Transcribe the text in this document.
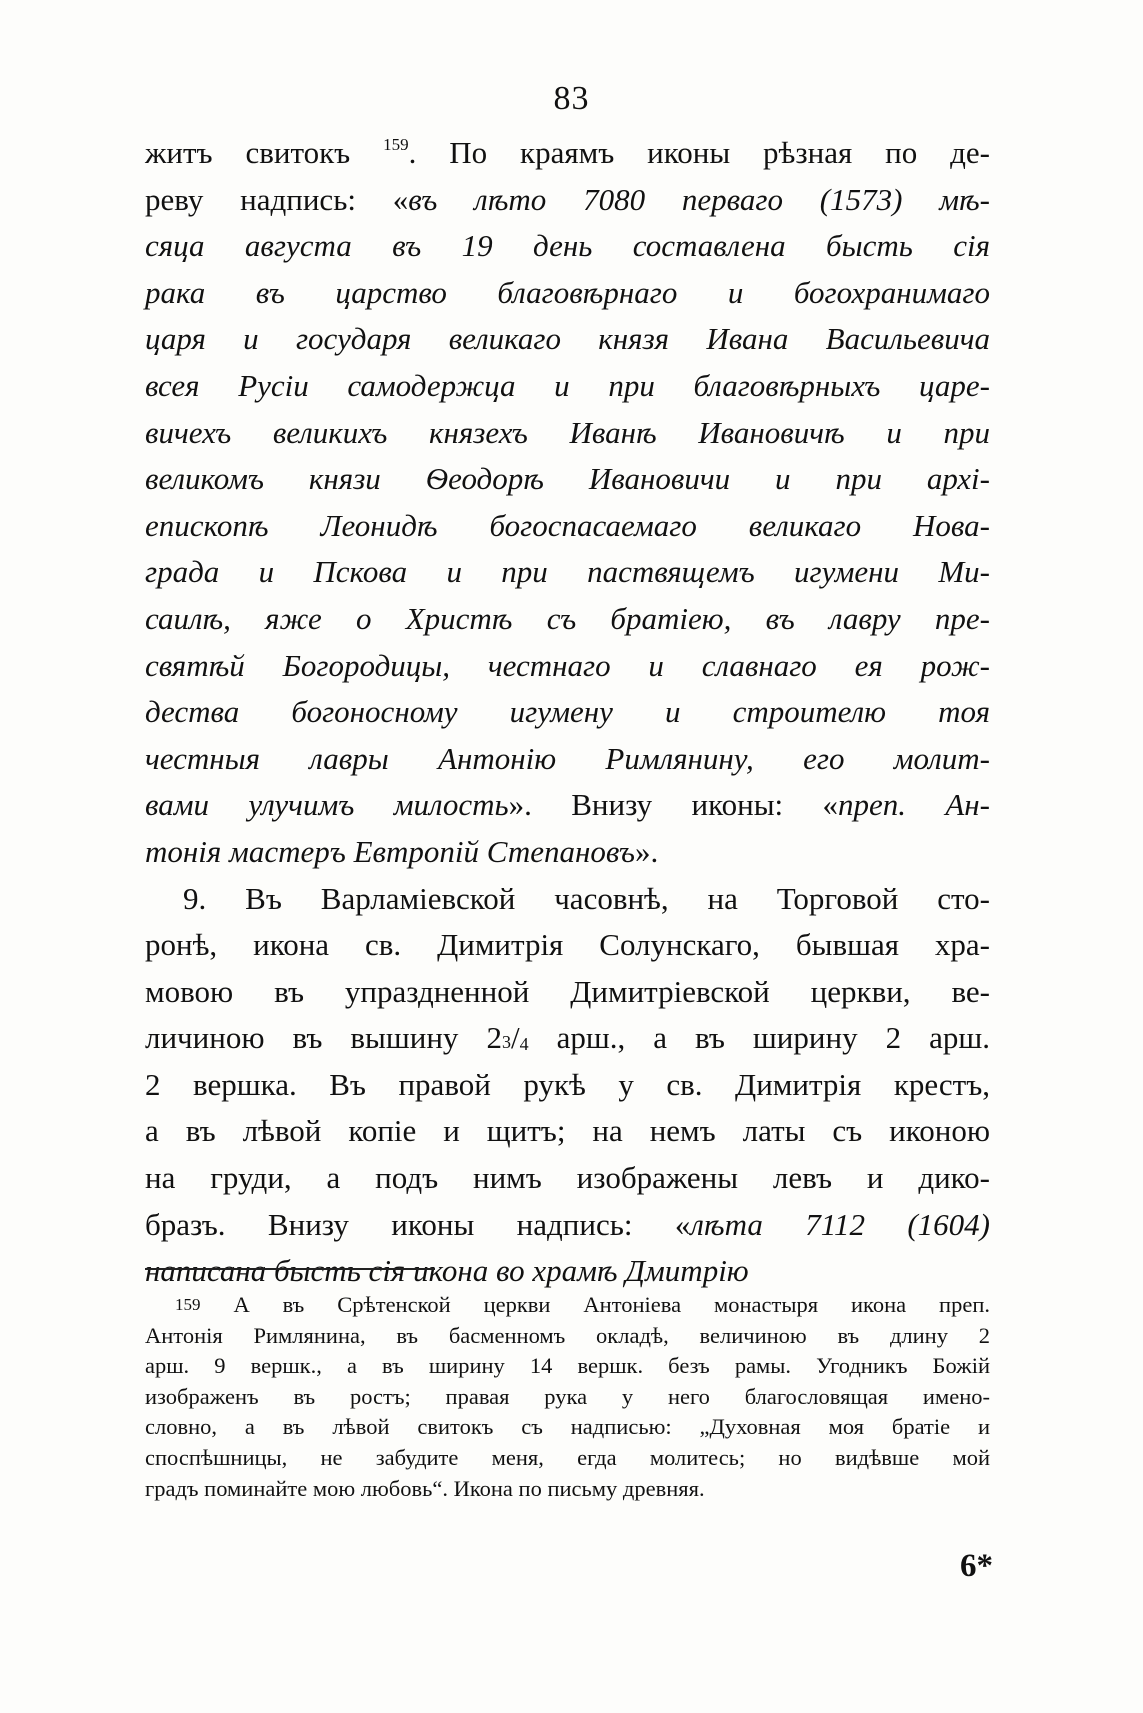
83
житъ свитокъ $^{159}$. По краямъ иконы рѣзная по де-
реву надпись: «въ лѣто 7080 перваго (1573) мѣ-
сяца августа въ 19 день составлена бысть сія
рака въ царство благовѣрнаго и богохранимаго
царя и государя великаго князя Ивана Васильевича
всея Русіи самодержца и при благовѣрныхъ царе-
вичехъ великихъ князехъ Иванѣ Ивановичѣ и при
великомъ князи Ѳеодорѣ Ивановичи и при архі-
епископѣ Леонидѣ богоспасаемаго великаго Нова-
града и Пскова и при паствящемъ игумени Ми-
саилѣ, яже о Христѣ съ братіею, въ лавру пре-
святѣй Богородицы, честнаго и славнаго ея рож-
дества богоносному игумену и строителю тоя
честныя лавры Антонію Римлянину, его молит-
вами улучимъ милость». Внизу иконы: «преп. Ан-
тонія мастеръ Евтропій Степановъ».
9. Въ Варламіевской часовнѣ, на Торговой сто-
ронѣ, икона св. Димитрія Солунскаго, бывшая хра-
мовою въ упраздненной Димитріевской церкви, ве-
личиною въ вышину $2^3/4$ арш., а въ ширину 2 арш.
2 вершка. Въ правой рукѣ у св. Димитрія крестъ,
а въ лѣвой копіе и щитъ; на немъ латы съ иконою
на груди, а подъ нимъ изображены левъ и дико-
бразъ. Внизу иконы надпись: «лѣта 7112 (1604)
написана бысть сія икона во храмѣ Дмитрію
$^{159}$ А въ Срѣтенской церкви Антоніева монастыря икона преп.
Антонія Римлянина, въ басменномъ окладѣ, величиною въ длину 2
арш. 9 вершк., а въ ширину 14 вершк. безъ рамы. Угодникъ Божій
изображенъ въ ростъ; правая рука у него благословящая имено-
словно, а въ лѣвой свитокъ съ надписью: „Духовная моя братіе и
споспѣшницы, не забудите меня, егда молитесь; но видѣвше мой
градъ поминайте мою любовь“. Икона по письму древняя.
6*
